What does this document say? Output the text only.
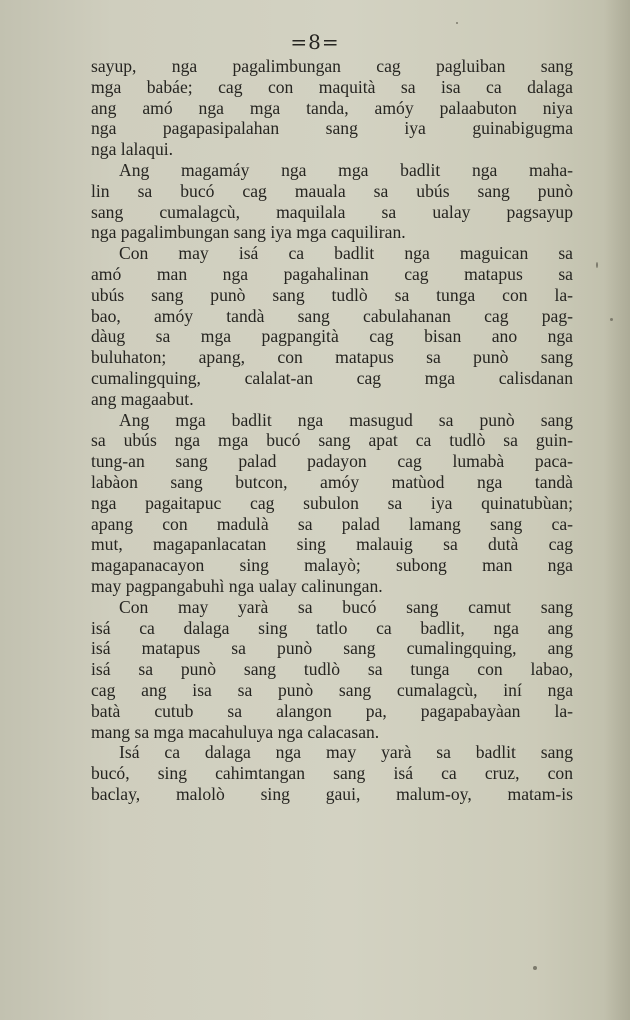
=8=
sayup, nga pagalimbungan cag pagluiban sang
mga babáe; cag con maquità sa isa ca dalaga
ang amó nga mga tanda, amóy palaabuton niya
nga pagapasipalahan sang iya guinabigugma
nga lalaqui.
Ang magamáy nga mga badlit nga maha-
lin sa bucó cag mauala sa ubús sang punò
sang cumalagcù, maquilala sa ualay pagsayup
nga pagalimbungan sang iya mga caquiliran.
Con may isá ca badlit nga maguican sa
amó man nga pagahalinan cag matapus sa
ubús sang punò sang tudlò sa tunga con la-
bao, amóy tandà sang cabulahanan cag pag-
dàug sa mga pagpangità cag bisan ano nga
buluhaton; apang, con matapus sa punò sang
cumalingquing, calalat-an cag mga calisdanan
ang magaabut.
Ang mga badlit nga masugud sa punò sang
sa ubús nga mga bucó sang apat ca tudlò sa guin-
tung-an sang palad padayon cag lumabà paca-
labàon sang butcon, amóy matùod nga tandà
nga pagaitapuc cag subulon sa iya quinatubùan;
apang con madulà sa palad lamang sang ca-
mut, magapanlacatan sing malauig sa dutà cag
magapanacayon sing malayò; subong man nga
may pagpangabuhì nga ualay calinungan.
Con may yarà sa bucó sang camut sang
isá ca dalaga sing tatlo ca badlit, nga ang
isá matapus sa punò sang cumalingquing, ang
isá sa punò sang tudlò sa tunga con labao,
cag ang isa sa punò sang cumalagcù, iní nga
batà cutub sa alangon pa, pagapabayàan la-
mang sa mga macahuluya nga calacasan.
Isá ca dalaga nga may yarà sa badlit sang
bucó, sing cahimtangan sang isá ca cruz, con
baclay, malolò sing gaui, malum-oy, matam-is
